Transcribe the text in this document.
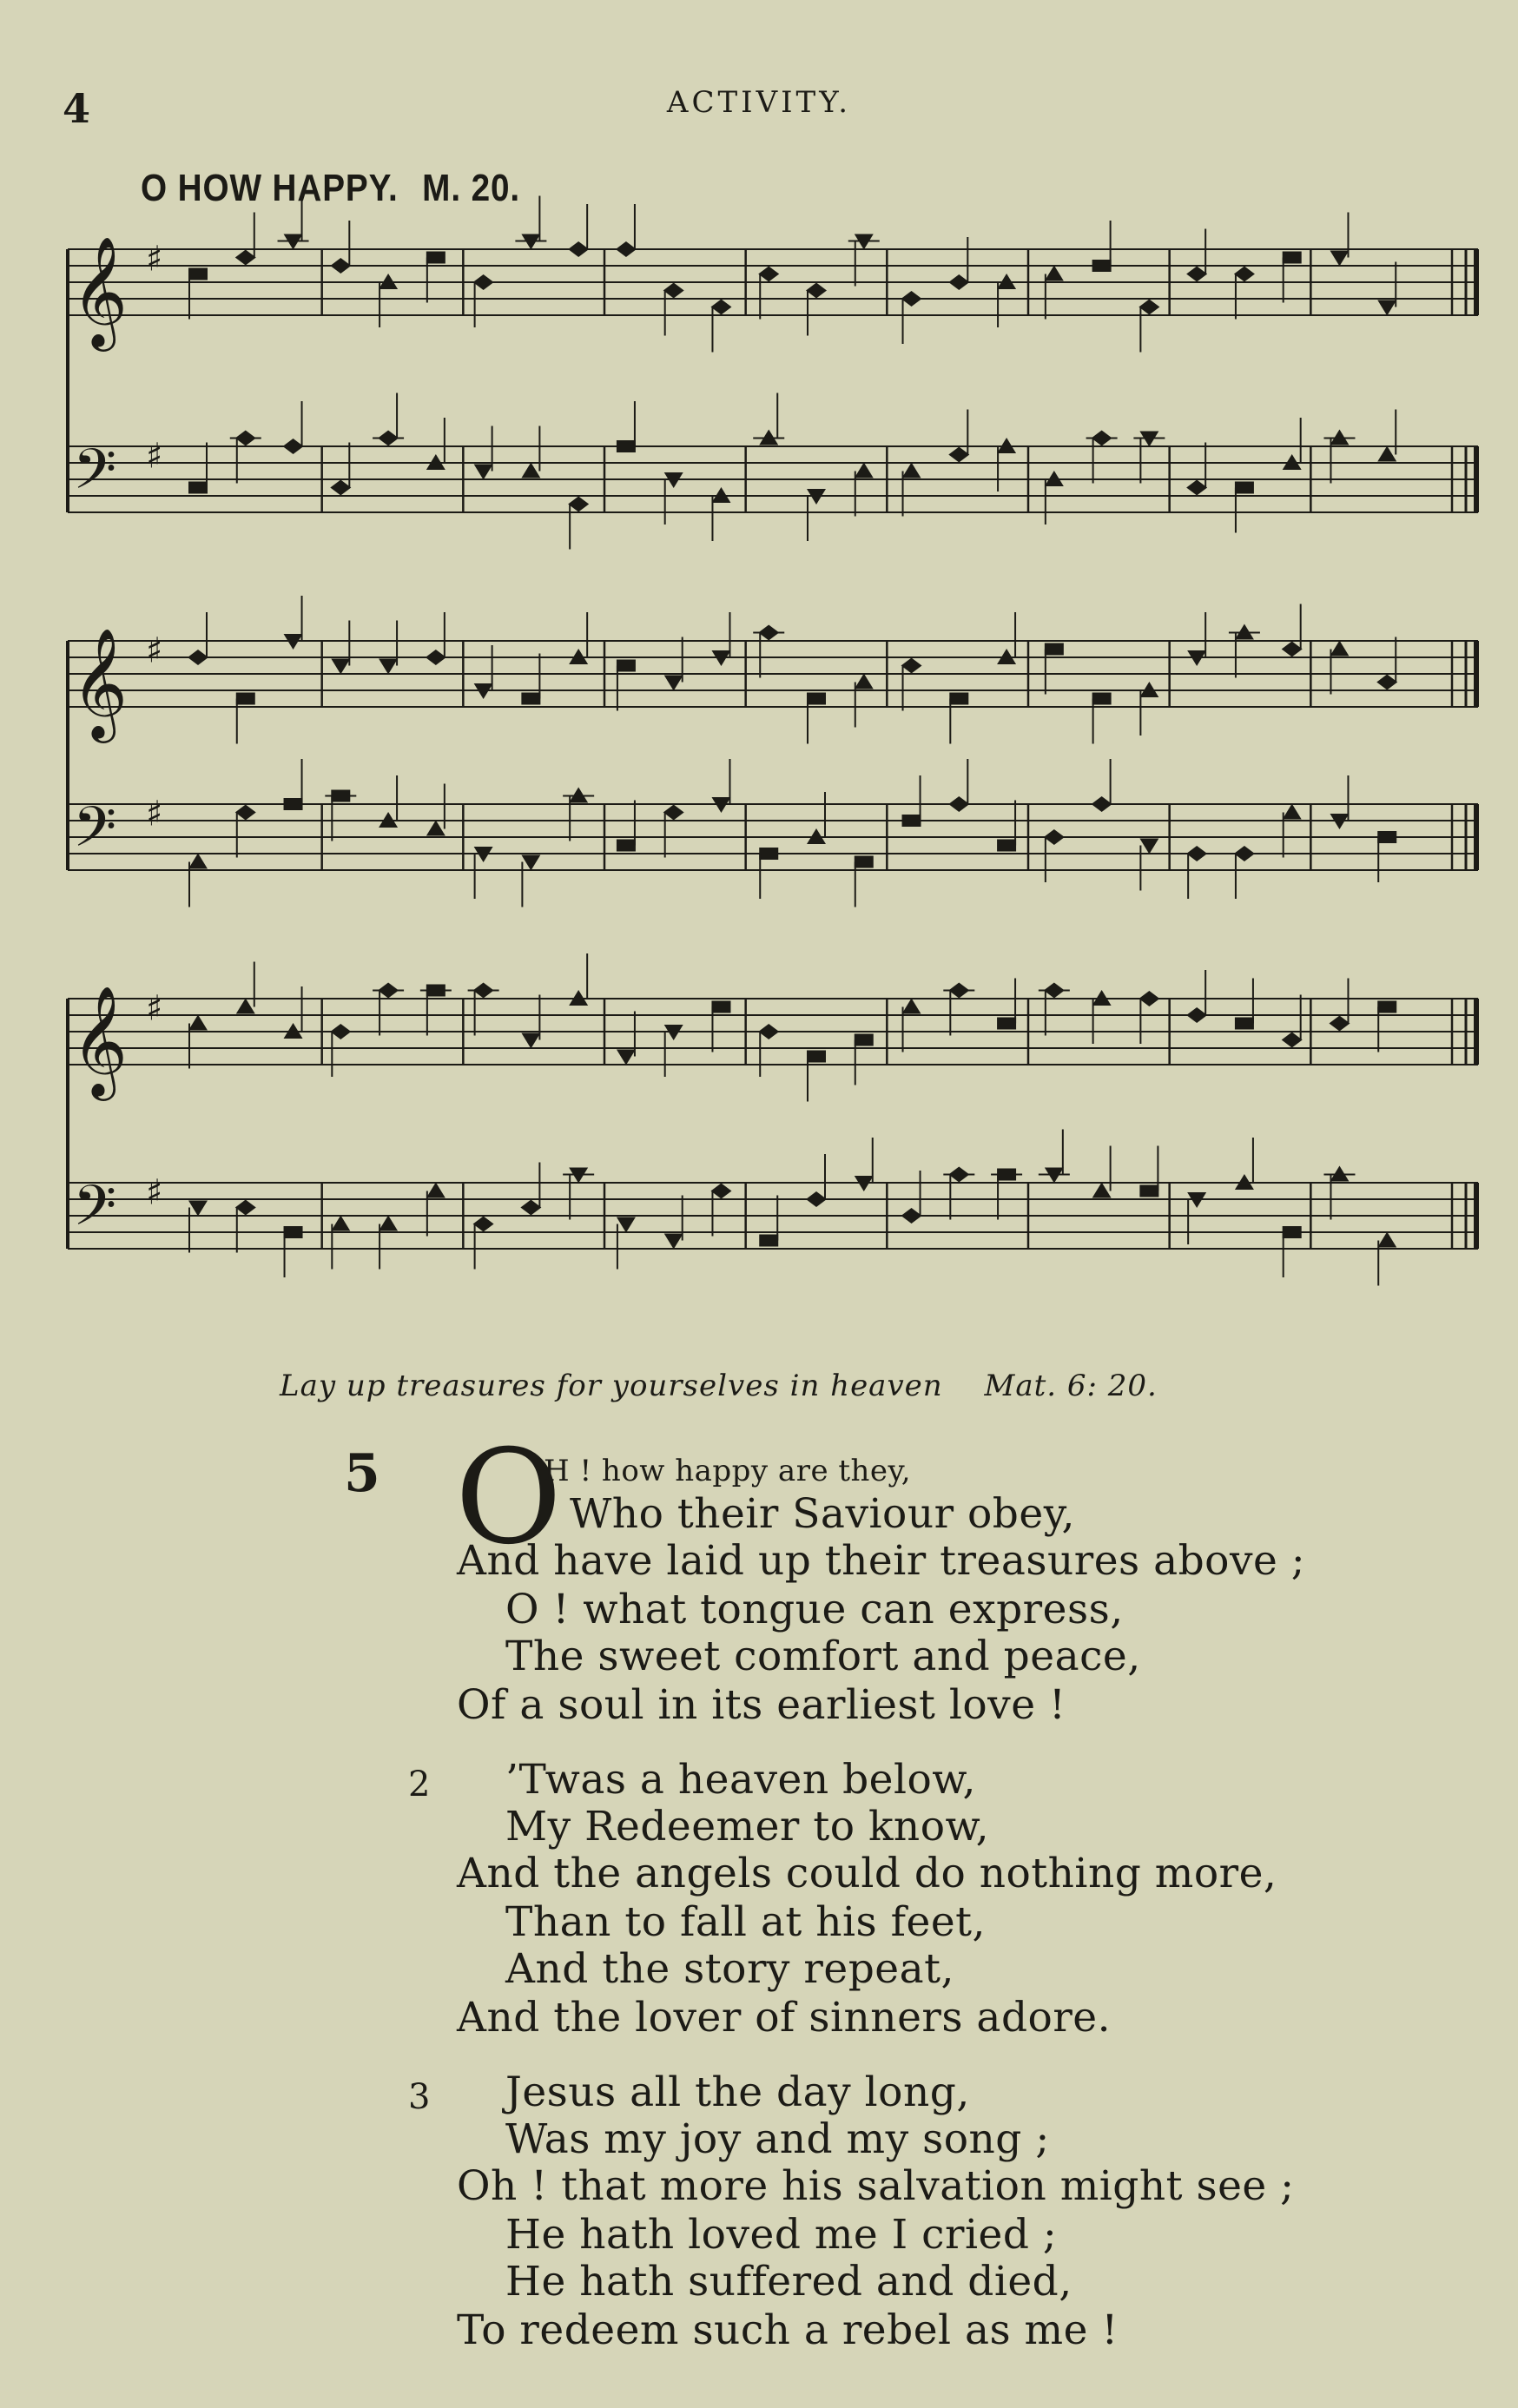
4	ACTIVITY.
O HOW HAPPY. M. 20.
𝄞 ♯
𝄢 ♯
𝄞 ♯
𝄢 ♯
𝄞 ♯
𝄢 ♯
Lay up treasures for yourselves in heaven Mat. 6: 20.
5 O
H ! how happy are they,
Who their Saviour obey,
And have laid up their treasures above ;
O ! what tongue can express,
The sweet comfort and peace,
Of a soul in its earliest love !
2 ’Twas a heaven below,
My Redeemer to know,
And the angels could do nothing more,
Than to fall at his feet,
And the story repeat,
And the lover of sinners adore.
3 Jesus all the day long,
Was my joy and my song ;
Oh ! that more his salvation might see ;
He hath loved me I cried ;
He hath suffered and died,
To redeem such a rebel as me !
